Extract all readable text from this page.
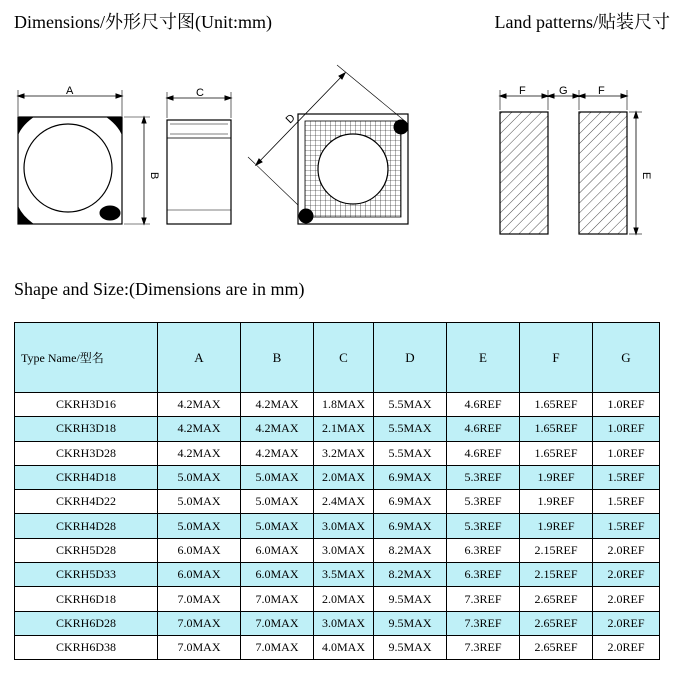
Dimensions/外形尺寸图(Unit:mm)	Land patterns/贴装尺寸
A
B
C
D
F	G	F
E
Shape and Size:(Dimensions are in mm)
Type Name/型名	A	B	C	D	E	F	G
CKRH3D16	4.2MAX	4.2MAX	1.8MAX	5.5MAX	4.6REF	1.65REF	1.0REF
CKRH3D18	4.2MAX	4.2MAX	2.1MAX	5.5MAX	4.6REF	1.65REF	1.0REF
CKRH3D28	4.2MAX	4.2MAX	3.2MAX	5.5MAX	4.6REF	1.65REF	1.0REF
CKRH4D18	5.0MAX	5.0MAX	2.0MAX	6.9MAX	5.3REF	1.9REF	1.5REF
CKRH4D22	5.0MAX	5.0MAX	2.4MAX	6.9MAX	5.3REF	1.9REF	1.5REF
CKRH4D28	5.0MAX	5.0MAX	3.0MAX	6.9MAX	5.3REF	1.9REF	1.5REF
CKRH5D28	6.0MAX	6.0MAX	3.0MAX	8.2MAX	6.3REF	2.15REF	2.0REF
CKRH5D33	6.0MAX	6.0MAX	3.5MAX	8.2MAX	6.3REF	2.15REF	2.0REF
CKRH6D18	7.0MAX	7.0MAX	2.0MAX	9.5MAX	7.3REF	2.65REF	2.0REF
CKRH6D28	7.0MAX	7.0MAX	3.0MAX	9.5MAX	7.3REF	2.65REF	2.0REF
CKRH6D38	7.0MAX	7.0MAX	4.0MAX	9.5MAX	7.3REF	2.65REF	2.0REF
